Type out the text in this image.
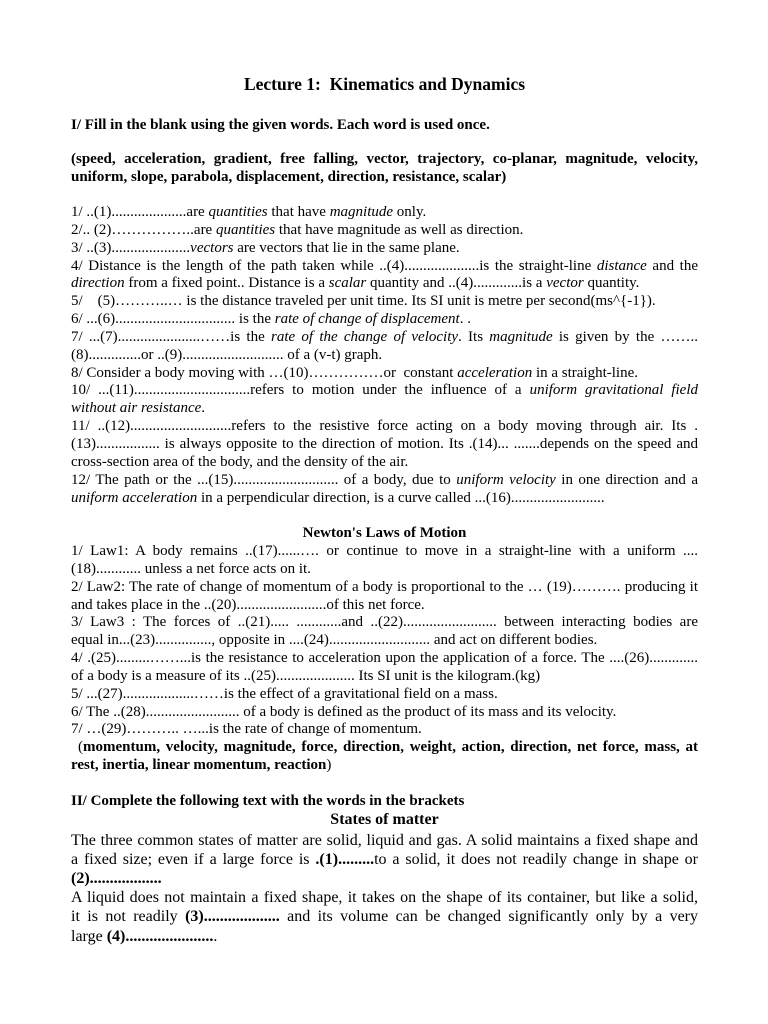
Lecture 1:  Kinematics and Dynamics
I/ Fill in the blank using the given words. Each word is used once.
(speed, acceleration, gradient, free falling, vector, trajectory, co-planar, magnitude, velocity,
uniform, slope, parabola, displacement, direction, resistance, scalar)
1/ ..(1)....................are quantities that have magnitude only.
2/.. (2)……………..are quantities that have magnitude as well as direction.
3/ ..(3).....................vectors are vectors that lie in the same plane.
4/ Distance is the length of the path taken while ..(4)....................is the straight-line distance and the
direction from a fixed point.. Distance is a scalar quantity and ..(4).............is a vector quantity.
5/    (5)………..… is the distance traveled per unit time. Its SI unit is metre per second(ms^{-1}).
6/ ...(6)................................ is the rate of change of displacement. .
7/ ...(7)......................……is the rate of the change of velocity. Its magnitude is given by the ……..
(8)..............or ..(9)........................... of a (v-t) graph.
8/ Consider a body moving with …(10)……………or  constant acceleration in a straight-line.
10/ ...(11)...............................refers to motion under the influence of a uniform gravitational field
without air resistance.
11/ ..(12)...........................refers to the resistive force acting on a body moving through air. Its .
(13)................. is always opposite to the direction of motion. Its .(14)... .......depends on the speed and
cross-section area of the body, and the density of the air.
12/ The path or the ...(15)............................ of a body, due to uniform velocity in one direction and a
uniform acceleration in a perpendicular direction, is a curve called ...(16).........................
Newton's Laws of Motion
1/ Law1: A body remains ..(17)......…. or continue to move in a straight-line with a uniform ....
(18)............ unless a net force acts on it.
2/ Law2: The rate of change of momentum of a body is proportional to the … (19)………. producing it
and takes place in the ..(20)........................of this net force.
3/ Law3 : The forces of ..(21)..... ............and ..(22)......................... between interacting bodies are
equal in...(23)..............., opposite in ....(24)........................... and act on different bodies.
4/ .(25).........……...is the resistance to acceleration upon the application of a force. The ....(26).............
of a body is a measure of its ..(25)..................... Its SI unit is the kilogram.(kg)
5/ ...(27)...................……is the effect of a gravitational field on a mass.
6/ The ..(28)......................... of a body is defined as the product of its mass and its velocity.
7/ …(29)……….. …...is the rate of change of momentum.
(momentum, velocity, magnitude, force, direction, weight, action, direction, net force, mass, at
rest, inertia, linear momentum, reaction)
II/ Complete the following text with the words in the brackets
States of matter
The three common states of matter are solid, liquid and gas. A solid maintains a fixed shape and
a fixed size; even if a large force is .(1).........to a solid, it does not readily change in shape or
(2)..................
A liquid does not maintain a fixed shape, it takes on the shape of its container, but like a solid,
it is not readily (3)................... and its volume can be changed significantly only by a very
large (4).......................
